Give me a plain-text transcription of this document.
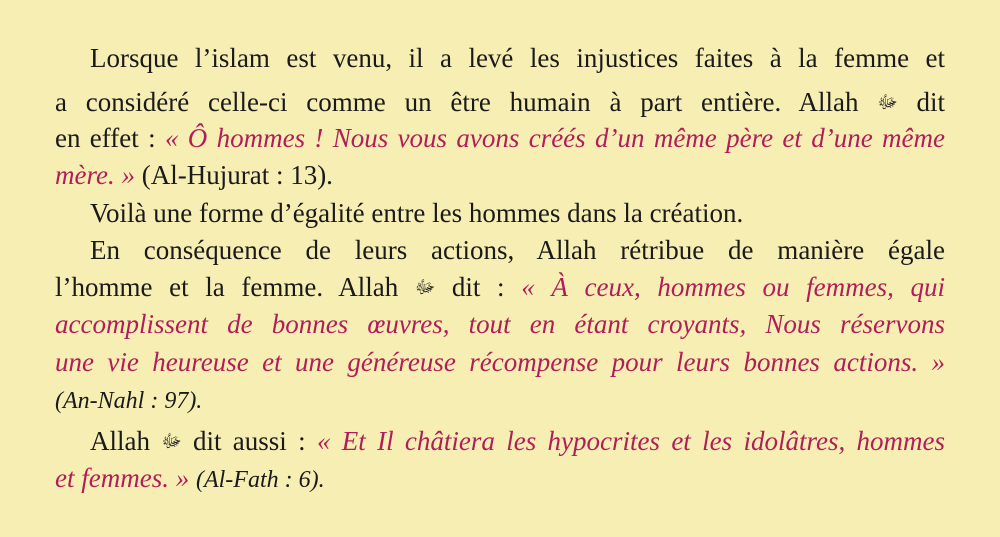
Lorsque l’islam est venu, il a levé les injustices faites à la femme et
a considéré celle-ci comme un être humain à part entière. Allah ﷻ dit
en effet : « Ô hommes ! Nous vous avons créés d’un même père et d’une même
mère. » (Al-Hujurat : 13).
Voilà une forme d’égalité entre les hommes dans la création.
En conséquence de leurs actions, Allah rétribue de manière égale
l’homme et la femme. Allah ﷻ dit : « À ceux, hommes ou femmes, qui
accomplissent de bonnes œuvres, tout en étant croyants, Nous réservons
une vie heureuse et une généreuse récompense pour leurs bonnes actions. »
(An-Nahl : 97).
Allah ﷻ dit aussi : « Et Il châtiera les hypocrites et les idolâtres, hommes
et femmes. » (Al-Fath : 6).
